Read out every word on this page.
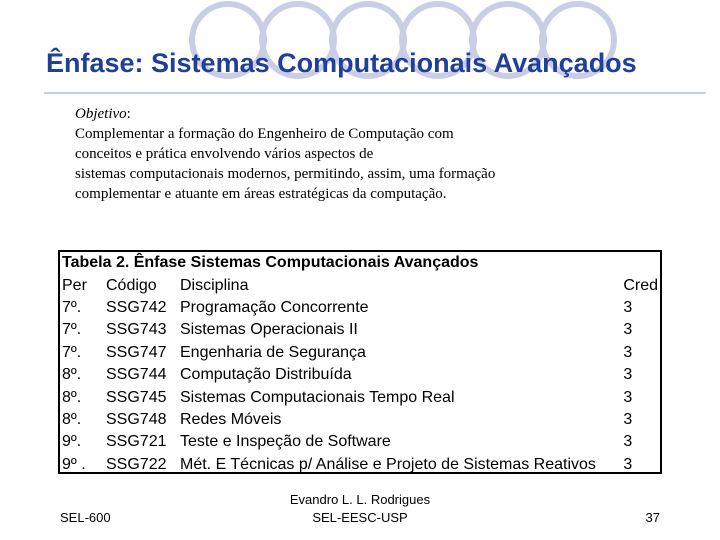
Ênfase: Sistemas Computacionais Avançados
Objetivo:
Complementar a formação do Engenheiro de Computação com
conceitos e prática envolvendo vários aspectos de
sistemas computacionais modernos, permitindo, assim, uma formação
complementar e atuante em áreas estratégicas da computação.
Tabela 2. Ênfase Sistemas Computacionais Avançados			
Per	Código	Disciplina	Cred
7º.	SSG742	Programação Concorrente	3
7º.	SSG743	Sistemas Operacionais II	3
7º.	SSG747	Engenharia de Segurança	3
8º.	SSG744	Computação Distribuída	3
8º.	SSG745	Sistemas Computacionais Tempo Real	3
8º.	SSG748	Redes Móveis	3
9º.	SSG721	Teste e Inspeção de Software	3
9º .	SSG722	Mét. E Técnicas p/ Análise e Projeto de Sistemas Reativos	3
SEL-600
Evandro L. L. Rodrigues
SEL-EESC-USP	37
